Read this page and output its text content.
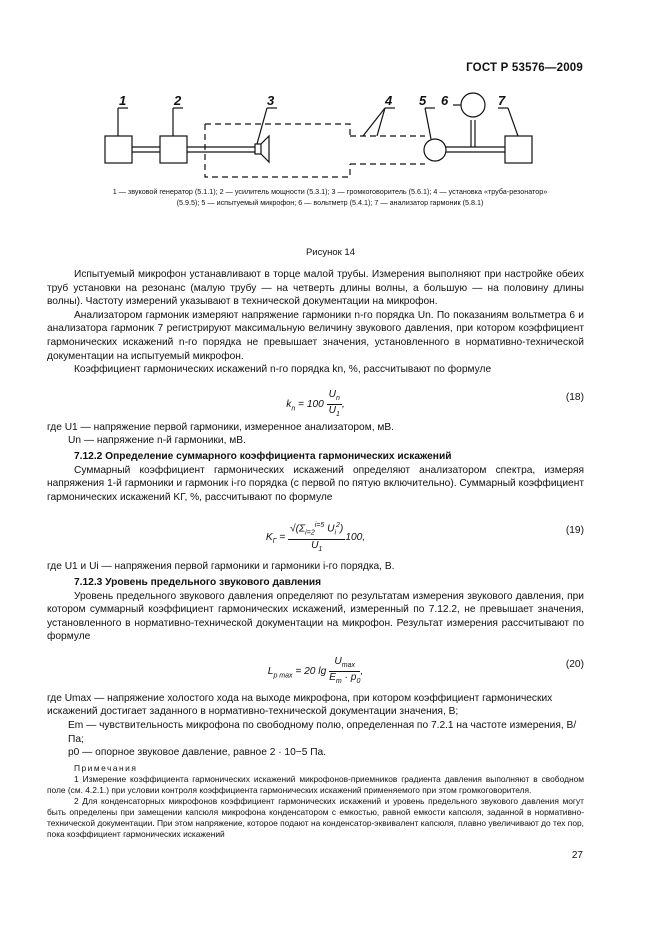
ГОСТ Р 53576—2009
1	2	3	4 5 6	7
1 — звуковой генератор (5.1.1); 2 — усилитель мощности (5.3.1); 3 — громкоговоритель (5.6.1); 4 — установка «труба-резонатор»
(5.9.5); 5 — испытуемый микрофон; 6 — вольтметр (5.4.1); 7 — анализатор гармоник (5.8.1)
Рисунок 14

Испытуемый микрофон устанавливают в торце малой трубы. Измерения выполняют при настройке обеих труб установки на резонанс (малую трубу — на четверть длины волны, а большую — на половину длины волны). Частоту измерений указывают в технической документации на микрофон.

Анализатором гармоник измеряют напряжение гармоники n-го порядка Un. По показаниям вольтметра 6 и анализатора гармоник 7 регистрируют максимальную величину звукового давления, при котором коэффициент гармонических искажений n-го порядка не превышает значения, установленного в нормативно-технической документации на испытуемый микрофон.

Коэффициент гармонических искажений n-го порядка kn, %, рассчитывают по формуле

$k_n = 100 \frac{U_n}{U_1}$ ,
(18)

где U1 — напряжение первой гармоники, измеренное анализатором, мВ.

Un — напряжение n-й гармоники, мВ.

7.12.2 Определение суммарного коэффициента гармонических искажений

Суммарный коэффициент гармонических искажений определяют анализатором спектра, измеряя напряжения 1-й гармоники и гармоник i-го порядка (с первой по пятую включительно). Суммарный коэффициент гармонических искажений KГ, %, рассчитывают по формуле

$K_Г = \frac{√(\Sigma_{i=2}^{i=5} U_i^2)}{U_1} 100$,
(19)

где U1 и Ui — напряжения первой гармоники и гармоники i-го порядка, В.

7.12.3 Уровень предельного звукового давления

Уровень предельного звукового давления определяют по результатам измерения звукового давления, при котором суммарный коэффициент гармонических искажений, измеренный по 7.12.2, не превышает значения, установленного в нормативно-технической документации на микрофон. Результат измерения рассчитывают по формуле

$L_{p max} = 20$ $\lg \frac{U_{max}}{E_m \cdot p_0}$ ,
(20)

где Umax — напряжение холостого хода на выходе микрофона, при котором коэффициент гармонических искажений достигает заданного в нормативно-технической документации значения, В;

Em — чувствительность микрофона по свободному полю, определенная по 7.2.1 на частоте измерения, В/Па;

p0 — опорное звуковое давление, равное 2 · 10−5 Па.

Примечания

1 Измерение коэффициента гармонических искажений микрофонов-приемников градиента давления выполняют в свободном поле (см. 4.2.1.) при условии контроля коэффициента гармонических искажений применяемого при этом громкоговорителя.

2 Для конденсаторных микрофонов коэффициент гармонических искажений и уровень предельного звукового давления могут быть определены при замещении капсюля микрофона конденсатором с емкостью, равной емкости капсюля, заданной в нормативно-технической документации. При этом напряжение, которое подают на конденсатор-эквивалент капсюля, плавно увеличивают до тех пор, пока коэффициент гармонических искажений

27
